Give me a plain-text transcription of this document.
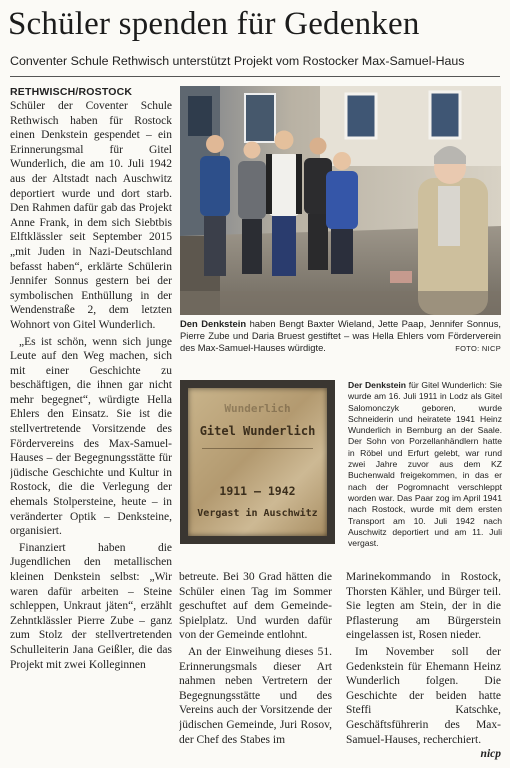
Schüler spenden für Gedenken
Conventer Schule Rethwisch unterstützt Projekt vom Rostocker Max-Samuel-Haus
RETHWISCH/ROSTOCK

Schüler der Coventer Schule Rethwisch haben für Rostock einen Denkstein gespendet – ein Erinnerungsmal für Gitel Wunderlich, die am 10. Juli 1942 aus der Altstadt nach Auschwitz deportiert wurde und dort starb. Den Rahmen dafür gab das Projekt Anne Frank, in dem sich Siebtbis Elftklässler seit September 2015 „mit Juden in Nazi-Deutschland befasst haben“, erklärte Schülerin Jennifer Sonnus gestern bei der symbolischen Enthüllung in der Wendenstraße 2, dem letzten Wohnort von Gitel Wunderlich.

„Es ist schön, wenn sich junge Leute auf den Weg machen, sich mit einer Geschichte zu beschäftigen, die ihnen gar nicht mehr begegnet“, würdigte Hella Ehlers den Einsatz. Sie ist die stellvertretende Vorsitzende des Fördervereins des Max-Samuel-Hauses – der Begegnungsstätte für jüdische Geschichte und Kultur in Rostock, die die Verlegung der ehemals Stolpersteine, heute – in veränderter Optik – Denksteine, organisiert.

Finanziert haben die Jugendlichen den metallischen kleinen Denkstein selbst: „Wir waren dafür arbeiten – Steine schleppen, Unkraut jäten“, erzählt Zehntklässler Pierre Zube – ganz zum Stolz der stellvertretenden Schulleiterin Jana Geißler, die das Projekt mit zwei Kolleginnen

Den Denkstein haben Bengt Baxter Wieland, Jette Paap, Jennifer Sonnus, Pierre Zube und Daria Bruest gestiftet – was Hella Ehlers vom Förderverein des Max-Samuel-Hauses würdigte.	FOTO: NICP
Wunderlich
Gitel Wunderlich
1911 – 1942
Vergast in Auschwitz
Der Denkstein für Gitel Wunderlich: Sie wurde am 16. Juli 1911 in Lodz als Gitel Salomonczyk geboren, wurde Schneiderin und heiratete 1941 Heinz Wunderlich in Bernburg an der Saale. Der Sohn von Porzellanhändlern hatte in Röbel und Erfurt gelebt, war rund zwei Jahre zuvor aus dem KZ Buchenwald freigekommen, in das er nach der Pogromnacht verschleppt worden war. Das Paar zog im April 1941 nach Rostock, wurde mit dem ersten Transport am 10. Juli 1942 nach Auschwitz deportiert und am 11. Juli vergast.

betreute. Bei 30 Grad hätten die Schüler einen Tag im Sommer geschuftet auf dem Gemeinde-Spielplatz. Und wurden dafür von der Gemeinde entlohnt.

An der Einweihung dieses 51. Erinnerungsmals dieser Art nahmen neben Vertretern der Begegnungsstätte und des Vereins auch der Vorsitzende der jüdischen Gemeinde, Juri Rosov, der Chef des Stabes im

Marinekommando in Rostock, Thorsten Kähler, und Bürger teil. Sie legten am Stein, der in die Pflasterung am Bürgerstein eingelassen ist, Rosen nieder.

Im November soll der Gedenkstein für Ehemann Heinz Wunderlich folgen. Die Geschichte der beiden hatte Steffi Katschke, Geschäftsführerin des Max-Samuel-Hauses, recherchiert.
nicp
